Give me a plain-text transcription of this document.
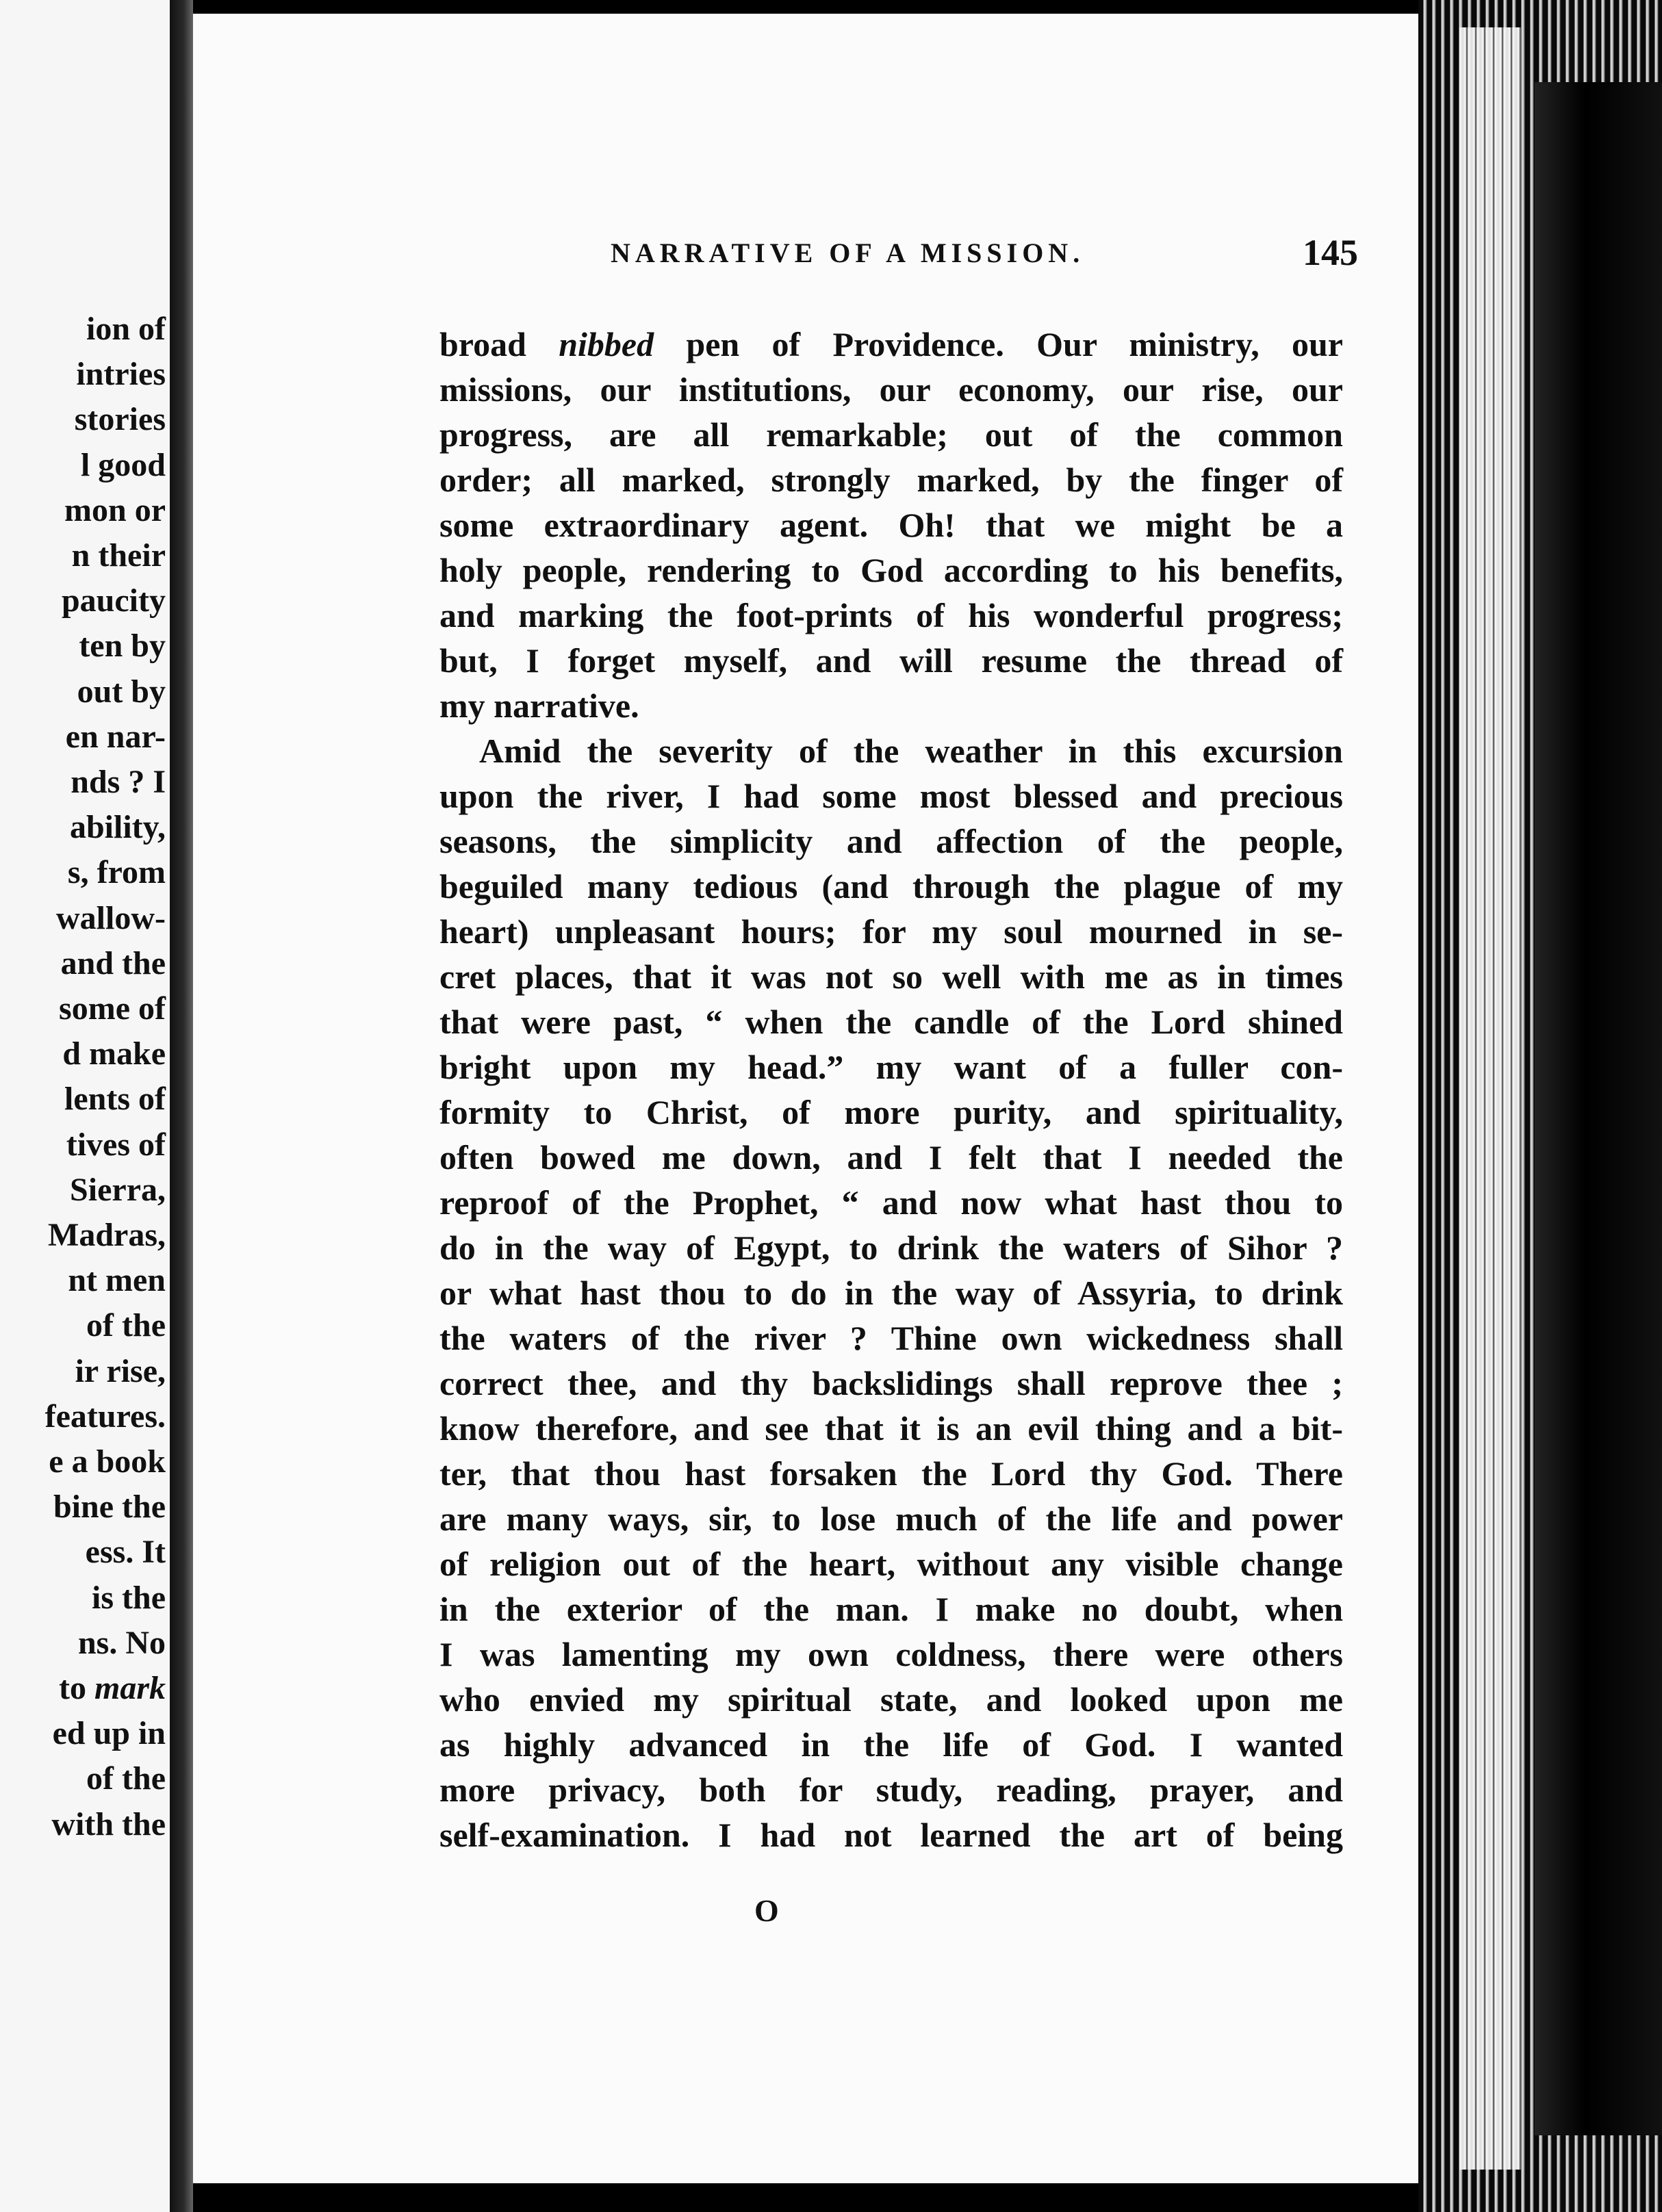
ion of
intries
stories
l good
mon or
n their
paucity
ten by
out by
en nar-
nds ? I
ability,
s, from
wallow-
and the
some of
d make
lents of
tives of
Sierra,
Madras,
nt men
of the
ir rise,
features.
e a book
bine the
ess. It
is the
ns. No
to mark
ed up in
of the
with the
NARRATIVE OF A MISSION.	145
broad nibbed pen of Providence. Our ministry, our
missions, our institutions, our economy, our rise, our
progress, are all remarkable; out of the common
order; all marked, strongly marked, by the finger of
some extraordinary agent. Oh! that we might be a
holy people, rendering to God according to his benefits,
and marking the foot-prints of his wonderful progress;
but, I forget myself, and will resume the thread of
my narrative.
Amid the severity of the weather in this excursion
upon the river, I had some most blessed and precious
seasons, the simplicity and affection of the people,
beguiled many tedious (and through the plague of my
heart) unpleasant hours; for my soul mourned in se-
cret places, that it was not so well with me as in times
that were past, “ when the candle of the Lord shined
bright upon my head.” my want of a fuller con-
formity to Christ, of more purity, and spirituality,
often bowed me down, and I felt that I needed the
reproof of the Prophet, “ and now what hast thou to
do in the way of Egypt, to drink the waters of Sihor ?
or what hast thou to do in the way of Assyria, to drink
the waters of the river ? Thine own wickedness shall
correct thee, and thy backslidings shall reprove thee ;
know therefore, and see that it is an evil thing and a bit-
ter, that thou hast forsaken the Lord thy God. There
are many ways, sir, to lose much of the life and power
of religion out of the heart, without any visible change
in the exterior of the man. I make no doubt, when
I was lamenting my own coldness, there were others
who envied my spiritual state, and looked upon me
as highly advanced in the life of God. I wanted
more privacy, both for study, reading, prayer, and
self-examination. I had not learned the art of being
O
